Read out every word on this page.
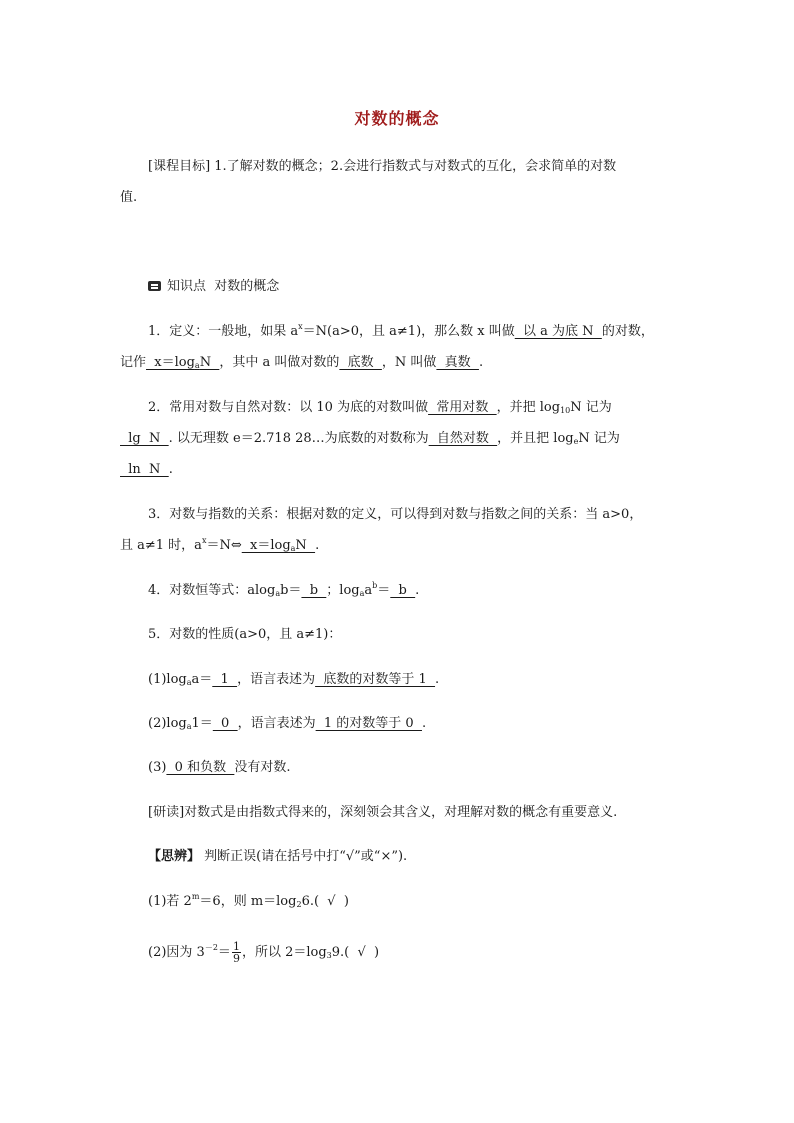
对数的概念
[课程目标] 1.了解对数的概念；2.会进行指数式与对数式的互化，会求简单的对数
值.
知识点 对数的概念
1．定义：一般地，如果 $a^x=N(a>0$，且 a≠1)，那么数 x 叫做  以 a 为底 N  的对数，
记作  $x=\log_aN$  ，其中 a 叫做对数的  底数  ，N 叫做  真数  .
2．常用对数与自然对数：以 10 为底的对数叫做  常用对数  ，并把 $\log_{10}N$ 记为
lg  N  . 以无理数 e＝2.718 28…为底数的对数称为  自然对数  ，并且把 $\log_eN$ 记为
ln  N  .
3．对数与指数的关系：根据对数的定义，可以得到对数与指数之间的关系：当 a>0，
且 a≠1 时，$a^x=N\Leftrightarrow$  $x=\log_aN$  .
4．对数恒等式：alog$_a$b＝  b  ；$\log_aa^b= b$  .
5．对数的性质(a>0，且 a≠1)：
$(1)\log_aa= 1$  ，语言表述为  底数的对数等于 1  .
$(2)\log_a1= 0$  ，语言表述为  1 的对数等于 0  .
(3)  0 和负数  没有对数.
[研读]对数式是由指数式得来的，深刻领会其含义，对理解对数的概念有重要意义.
【思辨】 判断正误(请在括号中打“√”或“×”).
(1)若 $2^m=6$，则 $m=\log_26$.(  √  )
(2)因为 $3^{-2}= \frac{1}{9}$ ，所以 $2=\log_39$.(  √  )
